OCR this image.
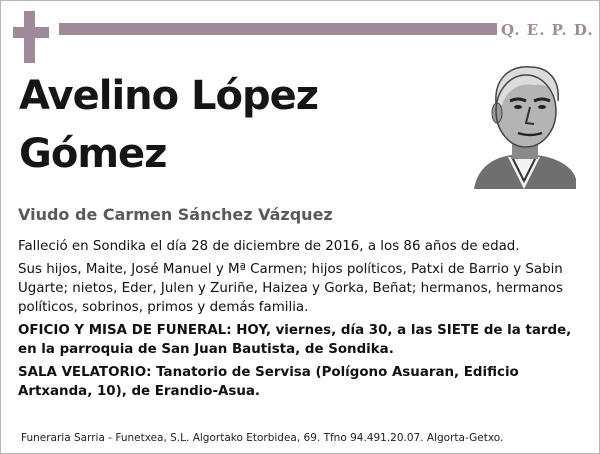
Q. E. P. D.
Avelino López
Gómez
Viudo de Carmen Sánchez Vázquez

Falleció en Sondika el día 28 de diciembre de 2016, a los 86 años de edad.

Sus hijos, Maite, José Manuel y Mª Carmen; hijos políticos, Patxi de Barrio y Sabin Ugarte; nietos, Eder, Julen y Zuriñe, Haizea y Gorka, Beñat; hermanos, hermanos políticos, sobrinos, primos y demás familia.

OFICIO Y MISA DE FUNERAL: HOY, viernes, día 30, a las SIETE de la tarde, en la parroquia de San Juan Bautista, de Sondika.

SALA VELATORIO: Tanatorio de Servisa (Polígono Asuaran, Edificio Artxanda, 10), de Erandio-Asua.

Funeraria Sarria - Funetxea, S.L. Algortako Etorbidea, 69. Tfno 94.491.20.07. Algorta-Getxo.
